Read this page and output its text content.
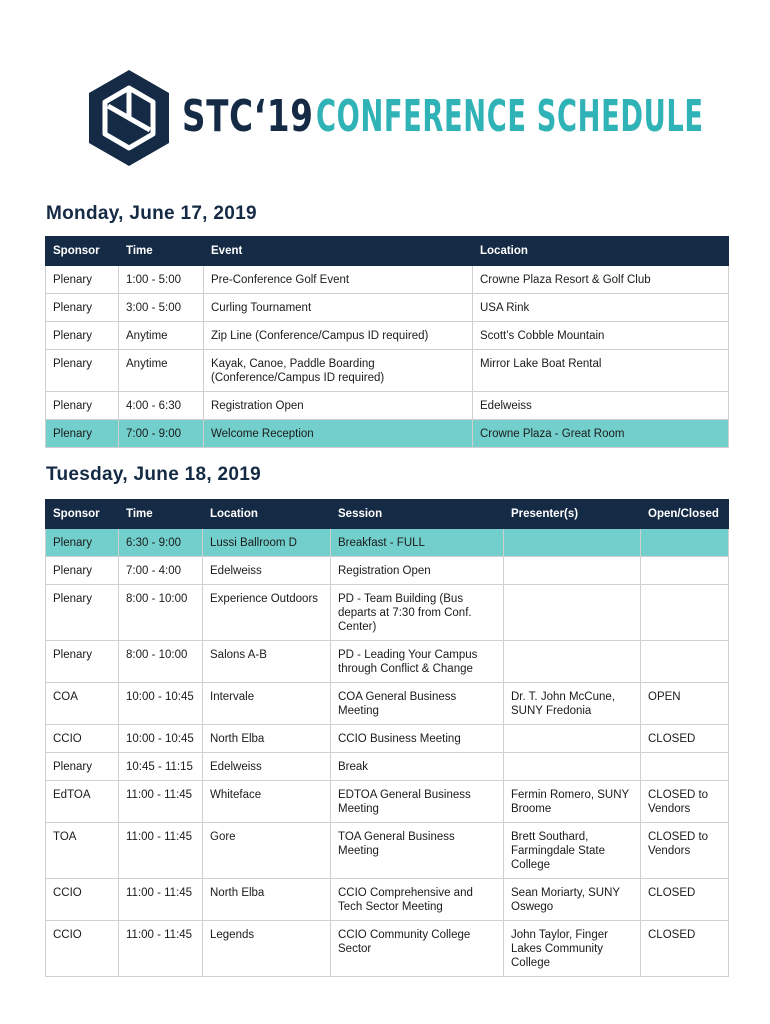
STC‘19 CONFERENCE SCHEDULE
Monday, June 17, 2019
Sponsor	Time	Event	Location
Plenary	1:00 - 5:00	Pre-Conference Golf Event	Crowne Plaza Resort & Golf Club
Plenary	3:00 - 5:00	Curling Tournament	USA Rink
Plenary	Anytime	Zip Line (Conference/Campus ID required)	Scott’s Cobble Mountain
Plenary	Anytime	Kayak, Canoe, Paddle Boarding (Conference/Campus ID required)	Mirror Lake Boat Rental
Plenary	4:00 - 6:30	Registration Open	Edelweiss
Plenary	7:00 - 9:00	Welcome Reception	Crowne Plaza - Great Room
Tuesday, June 18, 2019
Sponsor	Time	Location	Session	Presenter(s)	Open/Closed
Plenary	6:30 - 9:00	Lussi Ballroom D	Breakfast - FULL		
Plenary	7:00 - 4:00	Edelweiss	Registration Open		
Plenary	8:00 - 10:00	Experience Outdoors	PD - Team Building (Bus departs at 7:30 from Conf. Center)		
Plenary	8:00 - 10:00	Salons A-B	PD - Leading Your Campus through Conflict & Change		
COA	10:00 - 10:45	Intervale	COA General Business Meeting	Dr. T. John McCune, SUNY Fredonia	OPEN
CCIO	10:00 - 10:45	North Elba	CCIO Business Meeting		CLOSED
Plenary	10:45 - 11:15	Edelweiss	Break		
EdTOA	11:00 - 11:45	Whiteface	EDTOA General Business Meeting	Fermin Romero, SUNY Broome	CLOSED to Vendors
TOA	11:00 - 11:45	Gore	TOA General Business Meeting	Brett Southard, Farmingdale State College	CLOSED to Vendors
CCIO	11:00 - 11:45	North Elba	CCIO Comprehensive and Tech Sector Meeting	Sean Moriarty, SUNY Oswego	CLOSED
CCIO	11:00 - 11:45	Legends	CCIO Community College Sector	John Taylor, Finger Lakes Community College	CLOSED
